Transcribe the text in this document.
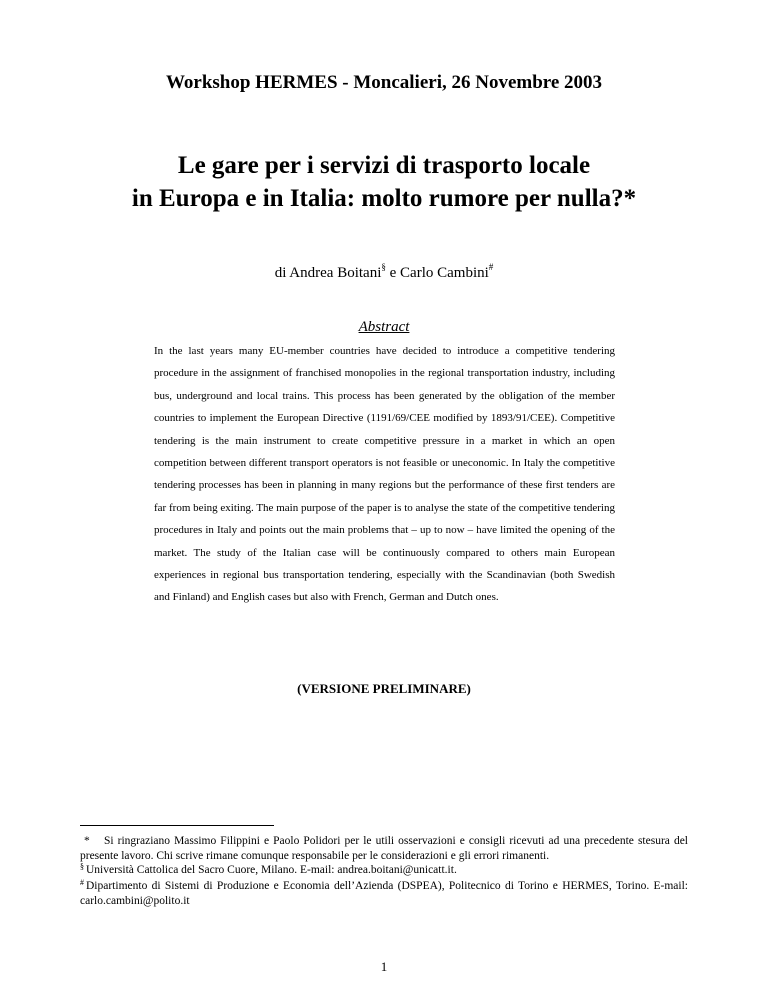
Workshop HERMES - Moncalieri, 26 Novembre 2003
Le gare per i servizi di trasporto locale
in Europa e in Italia: molto rumore per nulla?*
di Andrea Boitani§ e Carlo Cambini#
Abstract

In the last years many EU-member countries have decided to introduce a competitive tendering procedure in the assignment of franchised monopolies in the regional transportation industry, including bus, underground and local trains. This process has been generated by the obligation of the member countries to implement the European Directive (1191/69/CEE modified by 1893/91/CEE). Competitive tendering is the main instrument to create competitive pressure in a market in which an open competition between different transport operators is not feasible or uneconomic. In Italy the competitive tendering processes has been in planning in many regions but the performance of these first tenders are far from being exiting. The main purpose of the paper is to analyse the state of the competitive tendering procedures in Italy and points out the main problems that – up to now – have limited the opening of the market. The study of the Italian case will be continuously compared to others main European experiences in regional bus transportation tendering, especially with the Scandinavian (both Swedish and Finland) and English cases but also with French, German and Dutch ones.

(VERSIONE PRELIMINARE)

* Si ringraziano Massimo Filippini e Paolo Polidori per le utili osservazioni e consigli ricevuti ad una precedente stesura del presente lavoro. Chi scrive rimane comunque responsabile per le considerazioni e gli errori rimanenti.

§ Università Cattolica del Sacro Cuore, Milano. E-mail: andrea.boitani@unicatt.it.

# Dipartimento di Sistemi di Produzione e Economia dell’Azienda (DSPEA), Politecnico di Torino e HERMES, Torino. E-mail: carlo.cambini@polito.it

1
